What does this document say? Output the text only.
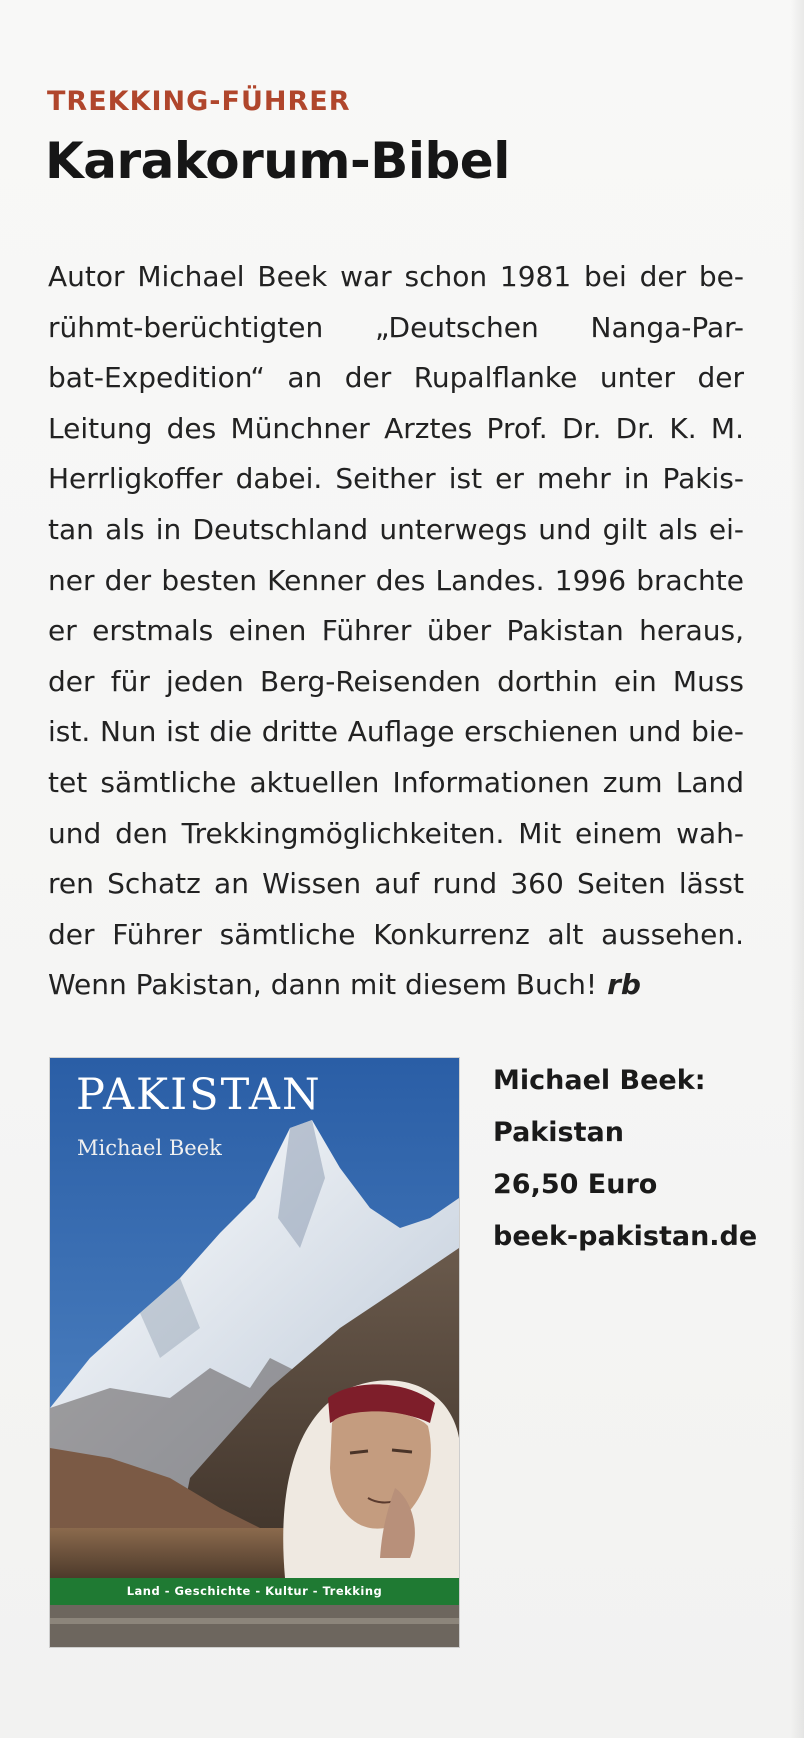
TREKKING-FÜHRER
Karakorum-Bibel
Autor Michael Beek war schon 1981 bei der be-
rühmt-berüchtigten „Deutschen Nanga-Par-
bat-Expedition“ an der Rupalflanke unter der
Leitung des Münchner Arztes Prof. Dr. Dr. K. M.
Herrligkoffer dabei. Seither ist er mehr in Pakis-
tan als in Deutschland unterwegs und gilt als ei-
ner der besten Kenner des Landes. 1996 brachte
er erstmals einen Führer über Pakistan heraus,
der für jeden Berg-Reisenden dorthin ein Muss
ist. Nun ist die dritte Auflage erschienen und bie-
tet sämtliche aktuellen Informationen zum Land
und den Trekkingmöglichkeiten. Mit einem wah-
ren Schatz an Wissen auf rund 360 Seiten lässt
der Führer sämtliche Konkurrenz alt aussehen.
Wenn Pakistan, dann mit diesem Buch! rb
PAKISTAN
Michael Beek
Land - Geschichte - Kultur - Trekking
Michael Beek:
Pakistan
26,50 Euro
beek-pakistan.de
